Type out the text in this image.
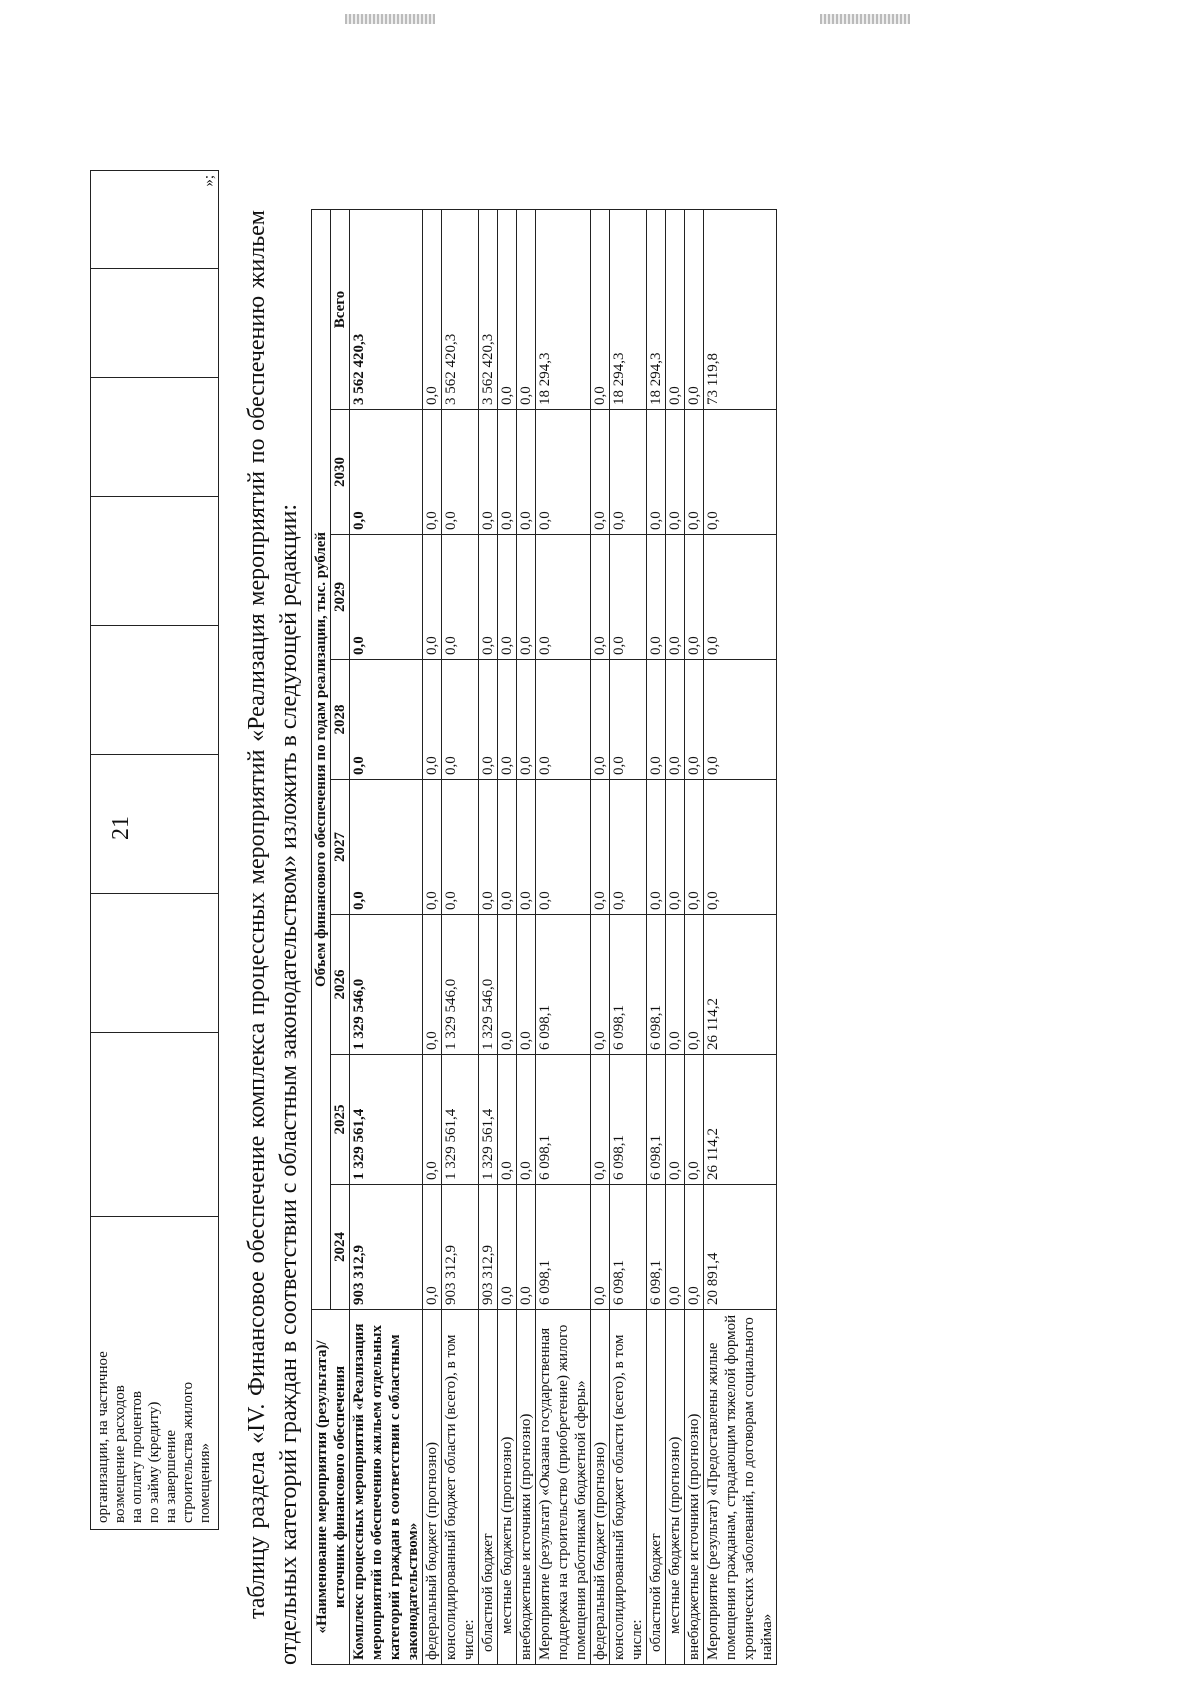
21
организации, на частичное возмещение расходов на оплату процентов по займу (кредиту) на завершение строительства жилого помещения»
								»;
таблицу раздела «IV. Финансовое обеспечение комплекса процессных мероприятий «Реализация мероприятий по обеспечению жильем отдельных категорий граждан в соответствии с областным законодательством» изложить в следующей редакции: «Наименование мероприятия (результата)/источник финансового обеспечения	Объем финансового обеспечения по годам реализации, тыс. рублей							
	2024	2025	2026	2027	2028	2029	2030	Всего
Комплекс процессных мероприятий «Реализация мероприятий по обеспечению жильем отдельных категорий граждан в соответствии с областным законодательством»	903 312,9	1 329 561,4	1 329 546,0	0,0	0,0	0,0	0,0	3 562 420,3
федеральный бюджет (прогнозно)	0,0	0,0	0,0	0,0	0,0	0,0	0,0	0,0
консолидированный бюджет области (всего), в том числе:	903 312,9	1 329 561,4	1 329 546,0	0,0	0,0	0,0	0,0	3 562 420,3
областной бюджет	903 312,9	1 329 561,4	1 329 546,0	0,0	0,0	0,0	0,0	3 562 420,3
местные бюджеты (прогнозно)	0,0	0,0	0,0	0,0	0,0	0,0	0,0	0,0
внебюджетные источники (прогнозно)	0,0	0,0	0,0	0,0	0,0	0,0	0,0	0,0
Мероприятие (результат) «Оказана государственная поддержка на строительство (приобретение) жилого помещения работникам бюджетной сферы»	6 098,1	6 098,1	6 098,1	0,0	0,0	0,0	0,0	18 294,3
федеральный бюджет (прогнозно)	0,0	0,0	0,0	0,0	0,0	0,0	0,0	0,0
консолидированный бюджет области (всего), в том числе:	6 098,1	6 098,1	6 098,1	0,0	0,0	0,0	0,0	18 294,3
областной бюджет	6 098,1	6 098,1	6 098,1	0,0	0,0	0,0	0,0	18 294,3
местные бюджеты (прогнозно)	0,0	0,0	0,0	0,0	0,0	0,0	0,0	0,0
внебюджетные источники (прогнозно)	0,0	0,0	0,0	0,0	0,0	0,0	0,0	0,0
Мероприятие (результат) «Предоставлены жилые помещения гражданам, страдающим тяжелой формой хронических заболеваний, по договорам социального найма»	20 891,4	26 114,2	26 114,2	0,0	0,0	0,0	0,0	73 119,8
